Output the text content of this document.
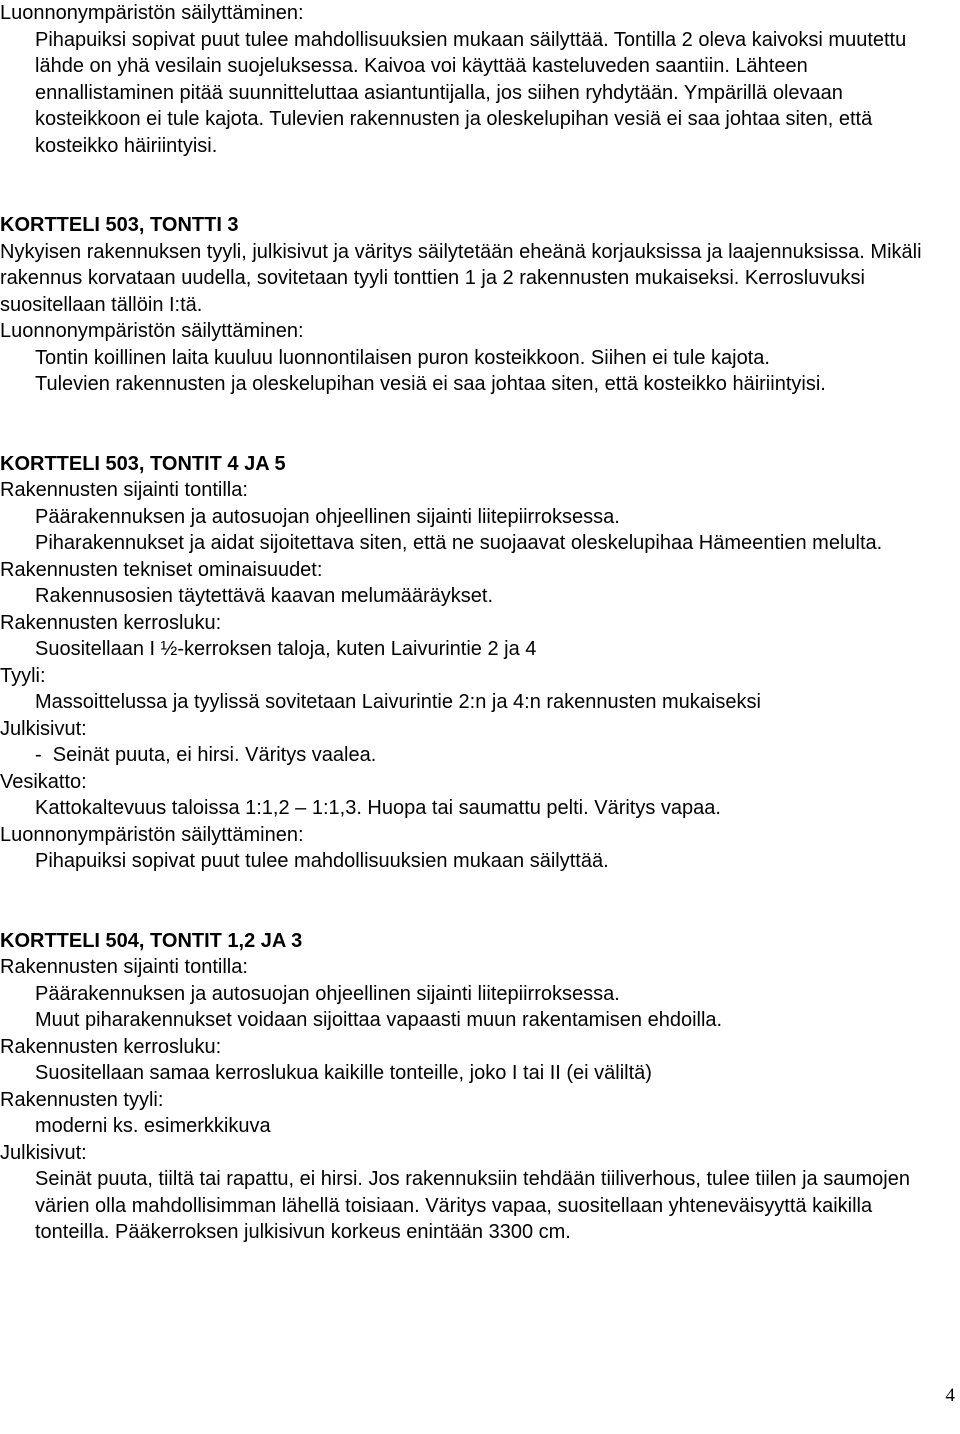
Luonnonympäristön säilyttäminen:
Pihapuiksi sopivat puut tulee mahdollisuuksien mukaan säilyttää. Tontilla 2 oleva kaivoksi muutettu lähde on yhä vesilain suojeluksessa. Kaivoa voi käyttää kasteluveden saantiin. Lähteen ennallistaminen pitää suunnitteluttaa asiantuntijalla, jos siihen ryhdytään. Ympärillä olevaan kosteikkoon ei tule kajota. Tulevien rakennusten ja oleskelupihan vesiä ei saa johtaa siten, että kosteikko häiriintyisi.
KORTTELI 503, TONTTI 3
Nykyisen rakennuksen tyyli, julkisivut ja väritys säilytetään eheänä korjauksissa ja laajennuksissa. Mikäli rakennus korvataan uudella, sovitetaan tyyli tonttien 1 ja 2 rakennusten mukaiseksi. Kerrosluvuksi suositellaan tällöin I:tä.
Luonnonympäristön säilyttäminen:
Tontin koillinen laita kuuluu luonnontilaisen puron kosteikkoon. Siihen ei tule kajota.
Tulevien rakennusten ja oleskelupihan vesiä ei saa johtaa siten, että kosteikko häiriintyisi.
KORTTELI 503, TONTIT 4 JA 5
Rakennusten sijainti tontilla:
Päärakennuksen ja autosuojan ohjeellinen sijainti liitepiirroksessa.
Piharakennukset ja aidat sijoitettava siten, että ne suojaavat oleskelupihaa Hämeentien melulta.
Rakennusten tekniset ominaisuudet:
Rakennusosien täytettävä kaavan melumääräykset.
Rakennusten kerrosluku:
Suositellaan I ½-kerroksen taloja, kuten Laivurintie 2 ja 4
Tyyli:
Massoittelussa ja tyylissä sovitetaan Laivurintie 2:n ja 4:n rakennusten mukaiseksi
Julkisivut:
-  Seinät puuta, ei hirsi. Väritys vaalea.
Vesikatto:
Kattokaltevuus taloissa 1:1,2 – 1:1,3. Huopa tai saumattu pelti. Väritys vapaa.
Luonnonympäristön säilyttäminen:
Pihapuiksi sopivat puut tulee mahdollisuuksien mukaan säilyttää.
KORTTELI 504, TONTIT 1,2 JA 3
Rakennusten sijainti tontilla:
Päärakennuksen ja autosuojan ohjeellinen sijainti liitepiirroksessa.
Muut piharakennukset voidaan sijoittaa vapaasti muun rakentamisen ehdoilla.
Rakennusten kerrosluku:
Suositellaan samaa kerroslukua kaikille tonteille, joko I tai II (ei väliltä)
Rakennusten tyyli:
moderni ks. esimerkkikuva
Julkisivut:
Seinät puuta, tiiltä tai rapattu, ei hirsi. Jos rakennuksiin tehdään tiiliverhous, tulee tiilen ja saumojen värien olla mahdollisimman lähellä toisiaan. Väritys vapaa, suositellaan yhteneväisyyttä kaikilla tonteilla. Pääkerroksen julkisivun korkeus enintään 3300 cm.
4
